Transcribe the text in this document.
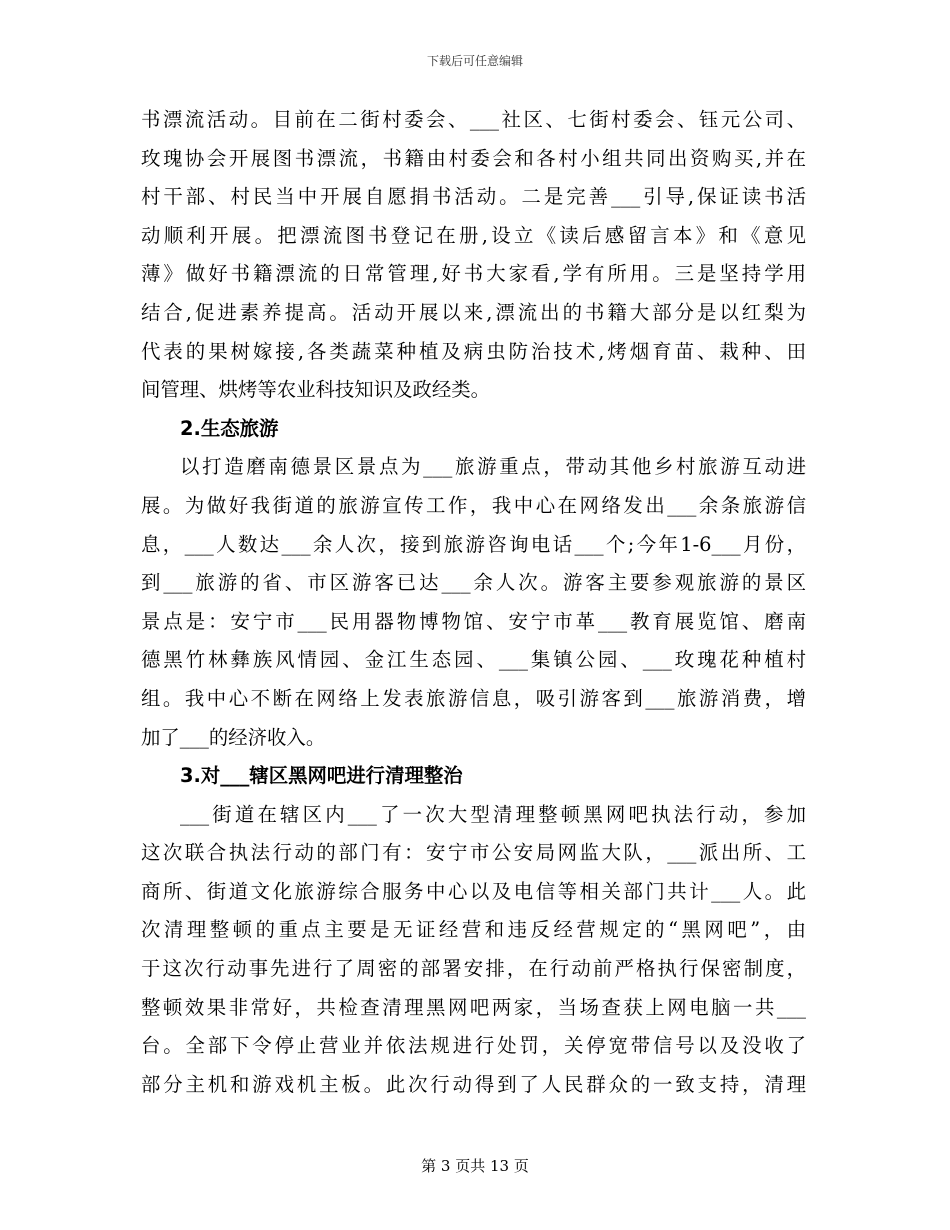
下载后可任意编辑
书漂流活动。目前在二街村委会、___社区、七街村委会、钰元公司、
玫瑰协会开展图书漂流，书籍由村委会和各村小组共同出资购买,并在
村干部、村民当中开展自愿捐书活动。二是完善___引导,保证读书活
动顺利开展。把漂流图书登记在册,设立《读后感留言本》和《意见
薄》做好书籍漂流的日常管理,好书大家看,学有所用。三是坚持学用
结合,促进素养提高。活动开展以来,漂流出的书籍大部分是以红梨为
代表的果树嫁接,各类蔬菜种植及病虫防治技术,烤烟育苗、栽种、田
间管理、烘烤等农业科技知识及政经类。
2.生态旅游
以打造磨南德景区景点为___旅游重点，带动其他乡村旅游互动进
展。为做好我街道的旅游宣传工作，我中心在网络发出___余条旅游信
息，___人数达___余人次，接到旅游咨询电话___个;今年1-6___月份，
到___旅游的省、市区游客已达___余人次。游客主要参观旅游的景区
景点是：安宁市___民用器物博物馆、安宁市革___教育展览馆、磨南
德黑竹林彝族风情园、金江生态园、___集镇公园、___玫瑰花种植村
组。我中心不断在网络上发表旅游信息，吸引游客到___旅游消费，增
加了___的经济收入。
3.对___辖区黑网吧进行清理整治
___街道在辖区内___了一次大型清理整顿黑网吧执法行动，参加
这次联合执法行动的部门有：安宁市公安局网监大队，___派出所、工
商所、街道文化旅游综合服务中心以及电信等相关部门共计___人。此
次清理整顿的重点主要是无证经营和违反经营规定的“黑网吧”，由
于这次行动事先进行了周密的部署安排，在行动前严格执行保密制度，
整顿效果非常好，共检查清理黑网吧两家，当场查获上网电脑一共___
台。全部下令停止营业并依法规进行处罚，关停宽带信号以及没收了
部分主机和游戏机主板。此次行动得到了人民群众的一致支持，清理
第 3 页共 13 页
